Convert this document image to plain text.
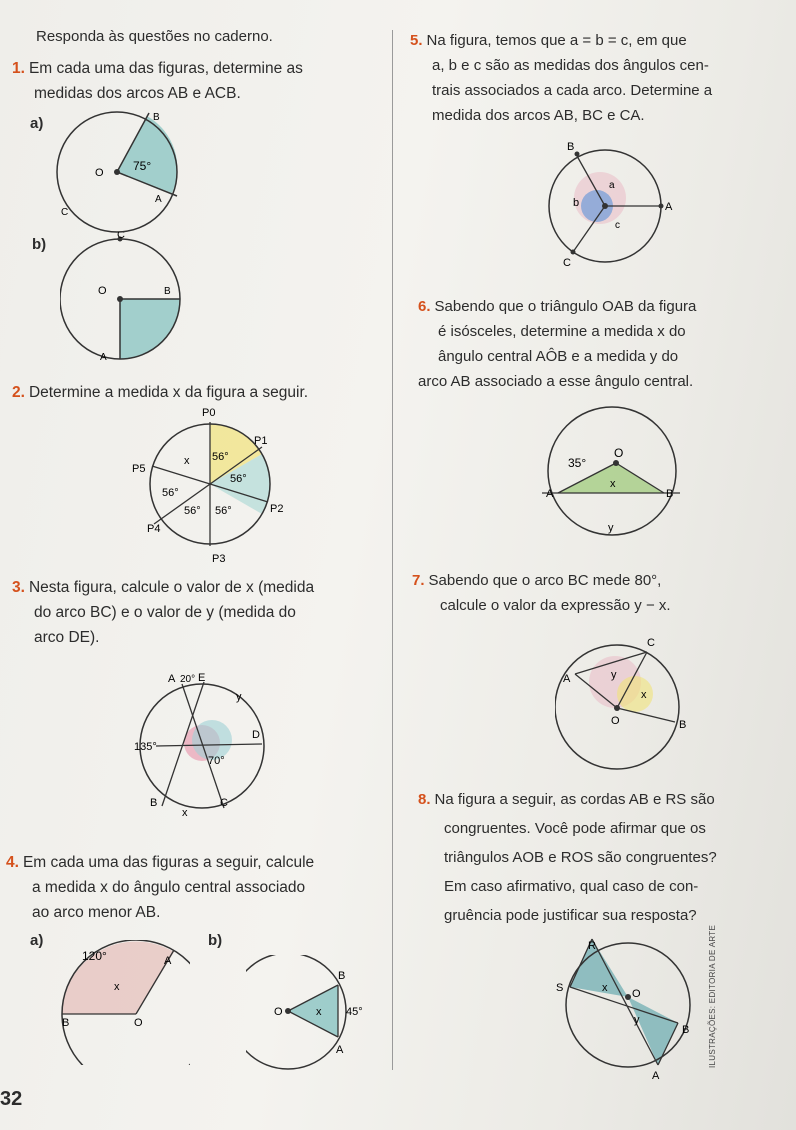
Responda às questões no caderno.
1. Em cada uma das figuras, determine as
medidas dos arcos AB e ACB.
a)
75°
O
B
A
C
b)
C
O	B
A
2. Determine a medida x da figura a seguir.
P0
P1
P2
P3
P4
P5
x 56°
56°
56°
56° 56°
3. Nesta figura, calcule o valor de x (medida
do arco BC) e o valor de y (medida do
arco DE).
A 20° E
y
135°
70°
D
B
x
C
4. Em cada uma das figuras a seguir, calcule
a medida x do ângulo central associado
ao arco menor AB.
a)
120°	A
x
B	O
b)
B
O	x 45°
A
5. Na figura, temos que a = b = c, em que
a, b e c são as medidas dos ângulos cen-
trais associados a cada arco. Determine a
medida dos arcos AB, BC e CA.
B
a
b	A
c
C
6. Sabendo que o triângulo OAB da figura
é isósceles, determine a medida x do
ângulo central AÔB e a medida y do
arco AB associado a esse ângulo central.
35°
O
A
x
B
y
7. Sabendo que o arco BC mede 80°,
calcule o valor da expressão y − x.
C
A	y
x
O	B
8. Na figura a seguir, as cordas AB e RS são
congruentes. Você pode afirmar que os
triângulos AOB e ROS são congruentes?
Em caso afirmativo, qual caso de con-
gruência pode justificar sua resposta?
R
S	x O
y
B
A
ILUSTRAÇÕES: EDITORIA DE ARTE
32
